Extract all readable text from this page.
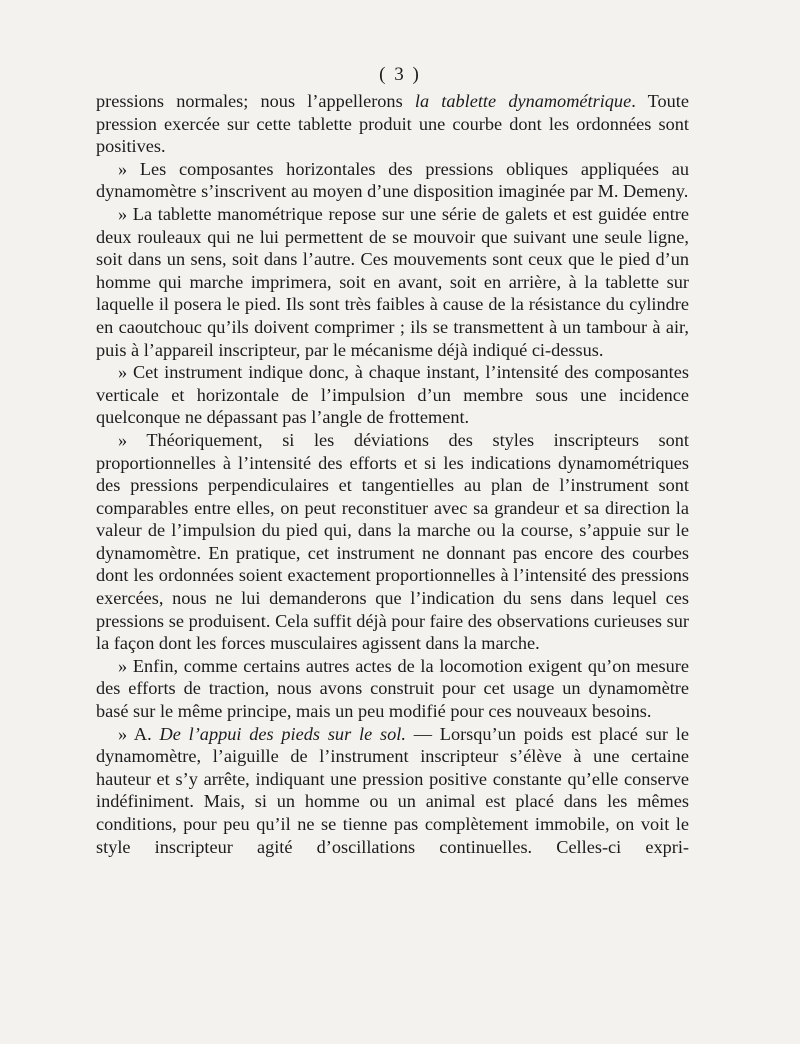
( 3 )

pressions normales; nous l’appellerons la tablette dynamométrique. Toute pression exercée sur cette tablette produit une courbe dont les ordonnées sont positives.

» Les composantes horizontales des pressions obliques appliquées au dynamomètre s’inscrivent au moyen d’une disposition imaginée par M. Demeny.

» La tablette manométrique repose sur une série de galets et est guidée entre deux rouleaux qui ne lui permettent de se mouvoir que suivant une seule ligne, soit dans un sens, soit dans l’autre. Ces mouvements sont ceux que le pied d’un homme qui marche imprimera, soit en avant, soit en arrière, à la tablette sur laquelle il posera le pied. Ils sont très faibles à cause de la résistance du cylindre en caoutchouc qu’ils doivent comprimer ; ils se transmettent à un tambour à air, puis à l’appareil inscripteur, par le mécanisme déjà indiqué ci-dessus.

» Cet instrument indique donc, à chaque instant, l’intensité des composantes verticale et horizontale de l’impulsion d’un membre sous une incidence quelconque ne dépassant pas l’angle de frottement.

» Théoriquement, si les déviations des styles inscripteurs sont proportionnelles à l’intensité des efforts et si les indications dynamométriques des pressions perpendiculaires et tangentielles au plan de l’instrument sont comparables entre elles, on peut reconstituer avec sa grandeur et sa direction la valeur de l’impulsion du pied qui, dans la marche ou la course, s’appuie sur le dynamomètre. En pratique, cet instrument ne donnant pas encore des courbes dont les ordonnées soient exactement proportionnelles à l’intensité des pressions exercées, nous ne lui demanderons que l’indication du sens dans lequel ces pressions se produisent. Cela suffit déjà pour faire des observations curieuses sur la façon dont les forces musculaires agissent dans la marche.

» Enfin, comme certains autres actes de la locomotion exigent qu’on mesure des efforts de traction, nous avons construit pour cet usage un dynamomètre basé sur le même principe, mais un peu modifié pour ces nouveaux besoins.

» A. De l’appui des pieds sur le sol. — Lorsqu’un poids est placé sur le dynamomètre, l’aiguille de l’instrument inscripteur s’élève à une certaine hauteur et s’y arrête, indiquant une pression positive constante qu’elle conserve indéfiniment. Mais, si un homme ou un animal est placé dans les mêmes conditions, pour peu qu’il ne se tienne pas complètement immobile, on voit le style inscripteur agité d’oscillations continuelles. Celles-ci expri-
